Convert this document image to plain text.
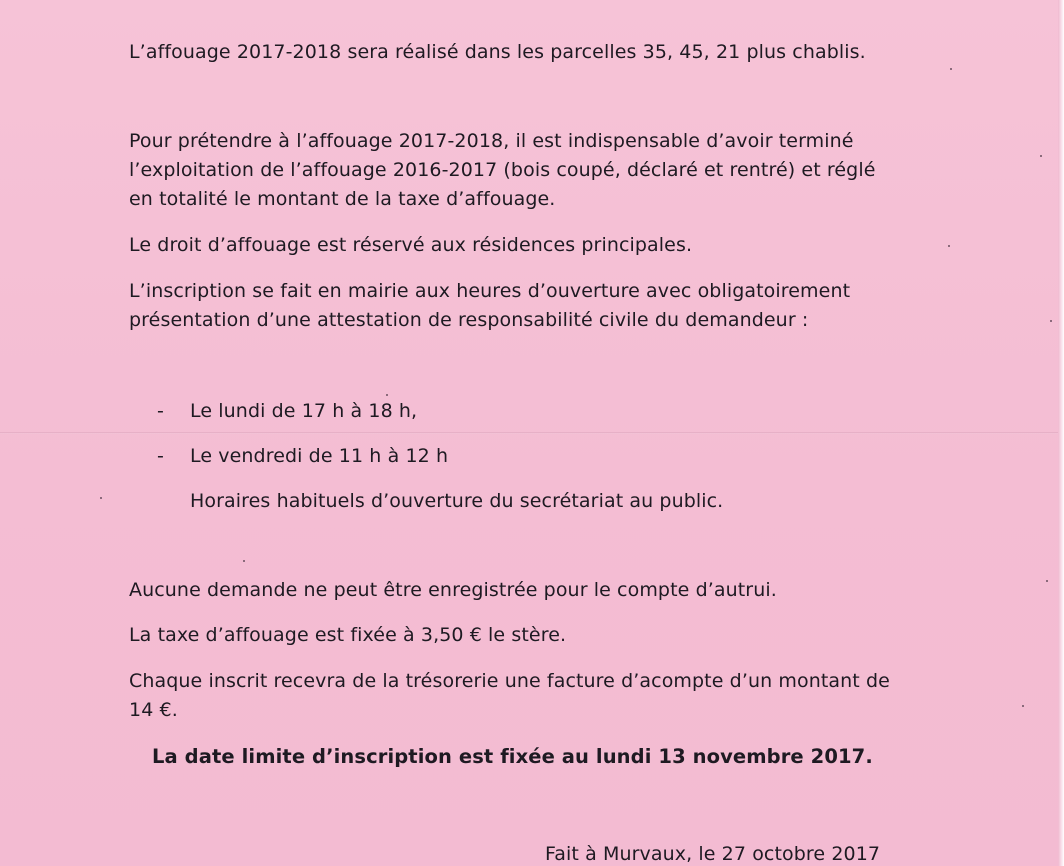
L’affouage 2017-2018 sera réalisé dans les parcelles 35, 45, 21 plus chablis.

Pour prétendre à l’affouage 2017-2018, il est indispensable d’avoir terminé

l’exploitation de l’affouage 2016-2017 (bois coupé, déclaré et rentré) et réglé

en totalité le montant de la taxe d’affouage.

Le droit d’affouage est réservé aux résidences principales.

L’inscription se fait en mairie aux heures d’ouverture avec obligatoirement

présentation d’une attestation de responsabilité civile du demandeur :

- Le lundi de 17 h à 18 h,

- Le vendredi de 11 h à 12 h

Horaires habituels d’ouverture du secrétariat au public.

Aucune demande ne peut être enregistrée pour le compte d’autrui.

La taxe d’affouage est fixée à 3,50 € le stère.

Chaque inscrit recevra de la trésorerie une facture d’acompte d’un montant de

14 €.

La date limite d’inscription est fixée au lundi 13 novembre 2017.

Fait à Murvaux, le 27 octobre 2017
